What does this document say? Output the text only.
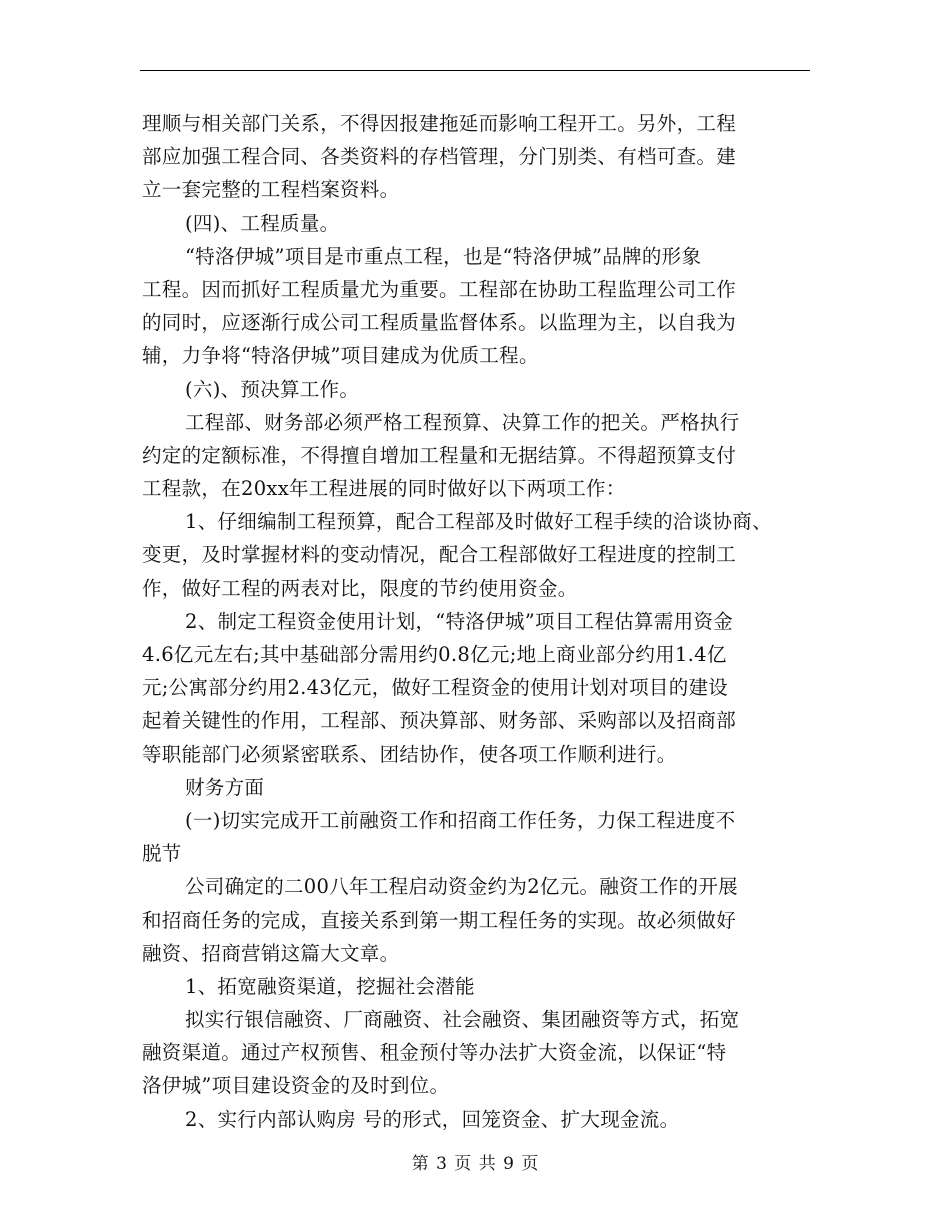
理顺与相关部门关系，不得因报建拖延而影响工程开工。另外，工程
部应加强工程合同、各类资料的存档管理，分门别类、有档可查。建
立一套完整的工程档案资料。
(四)、工程质量。
“特洛伊城”项目是市重点工程，也是“特洛伊城”品牌的形象
工程。因而抓好工程质量尤为重要。工程部在协助工程监理公司工作
的同时，应逐渐行成公司工程质量监督体系。以监理为主，以自我为
辅，力争将“特洛伊城”项目建成为优质工程。
(六)、预决算工作。
工程部、财务部必须严格工程预算、决算工作的把关。严格执行
约定的定额标准，不得擅自增加工程量和无据结算。不得超预算支付
工程款，在20xx年工程进展的同时做好以下两项工作：
1、仔细编制工程预算，配合工程部及时做好工程手续的洽谈协商、
变更，及时掌握材料的变动情况，配合工程部做好工程进度的控制工
作，做好工程的两表对比，限度的节约使用资金。
2、制定工程资金使用计划，“特洛伊城”项目工程估算需用资金
4.6亿元左右;其中基础部分需用约0.8亿元;地上商业部分约用1.4亿
元;公寓部分约用2.43亿元，做好工程资金的使用计划对项目的建设
起着关键性的作用，工程部、预决算部、财务部、采购部以及招商部
等职能部门必须紧密联系、团结协作，使各项工作顺利进行。
财务方面
(一)切实完成开工前融资工作和招商工作任务，力保工程进度不
脱节
公司确定的二00八年工程启动资金约为2亿元。融资工作的开展
和招商任务的完成，直接关系到第一期工程任务的实现。故必须做好
融资、招商营销这篇大文章。
1、拓宽融资渠道，挖掘社会潜能
拟实行银信融资、厂商融资、社会融资、集团融资等方式，拓宽
融资渠道。通过产权预售、租金预付等办法扩大资金流，以保证“特
洛伊城”项目建设资金的及时到位。
2、实行内部认购房 号的形式，回笼资金、扩大现金流。
第 3 页 共 9 页
